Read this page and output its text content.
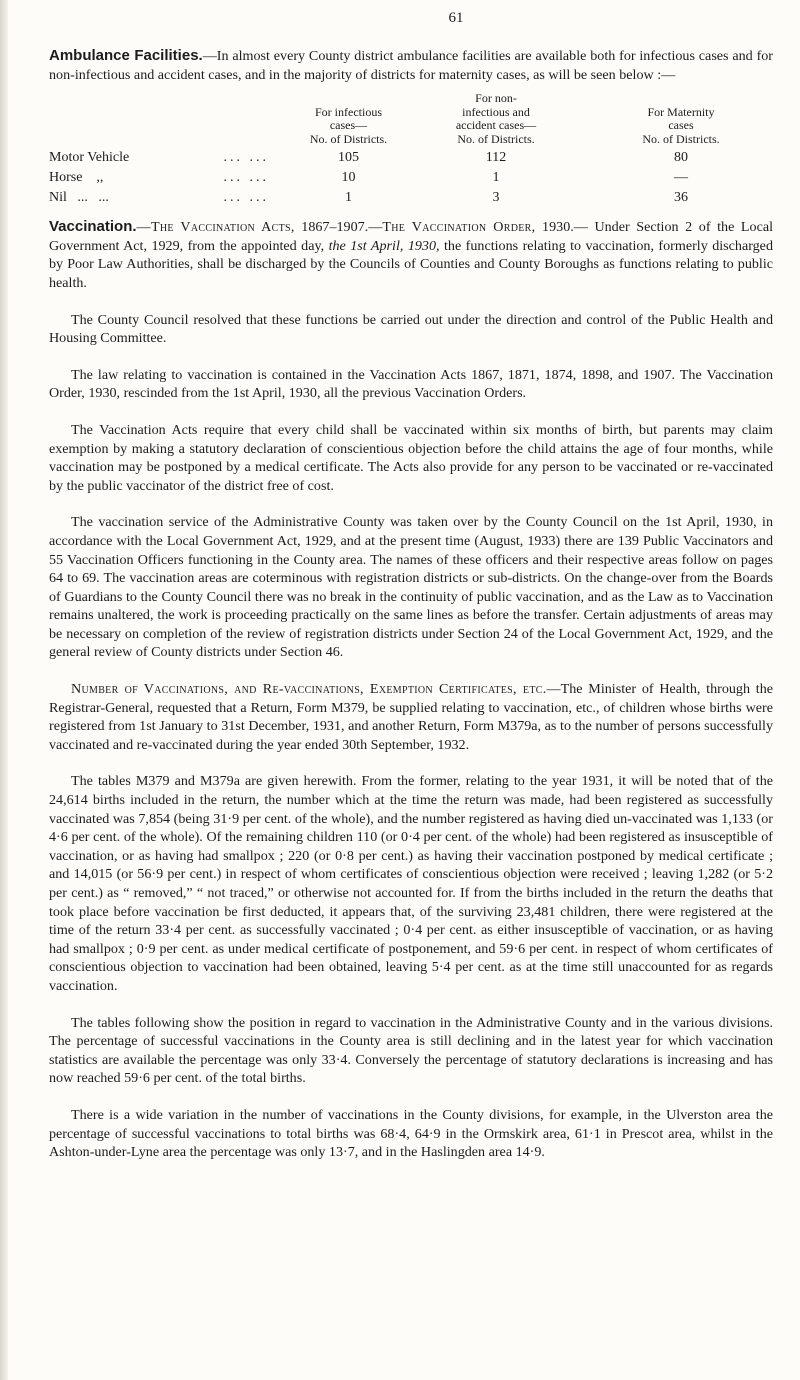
61

Ambulance Facilities.—In almost every County district ambulance facilities are available both for infectious cases and for non-infectious and accident cases, and in the majority of districts for maternity cases, as will be seen below :—

For infectious
cases—
No. of Districts.
For non-
infectious and
accident cases—
No. of Districts.
For Maternity
cases
No. of Districts.
Motor Vehicle	... ...	105	112	80
Horse    ,,	... ...	10	1	—
Nil   ...   ...	... ...	1	3	36

Vaccination.—The Vaccination Acts, 1867–1907.—The Vaccination Order, 1930.— Under Section 2 of the Local Government Act, 1929, from the appointed day, the 1st April, 1930, the functions relating to vaccination, formerly discharged by Poor Law Authorities, shall be discharged by the Councils of Counties and County Boroughs as functions relating to public health.

The County Council resolved that these functions be carried out under the direction and control of the Public Health and Housing Committee.

The law relating to vaccination is contained in the Vaccination Acts 1867, 1871, 1874, 1898, and 1907. The Vaccination Order, 1930, rescinded from the 1st April, 1930, all the previous Vaccination Orders.

The Vaccination Acts require that every child shall be vaccinated within six months of birth, but parents may claim exemption by making a statutory declaration of conscientious objection before the child attains the age of four months, while vaccination may be postponed by a medical certificate. The Acts also provide for any person to be vaccinated or re-vaccinated by the public vaccinator of the district free of cost.

The vaccination service of the Administrative County was taken over by the County Council on the 1st April, 1930, in accordance with the Local Government Act, 1929, and at the present time (August, 1933) there are 139 Public Vaccinators and 55 Vaccination Officers functioning in the County area. The names of these officers and their respective areas follow on pages 64 to 69. The vaccination areas are coterminous with registration districts or sub-districts. On the change-over from the Boards of Guardians to the County Council there was no break in the continuity of public vaccination, and as the Law as to Vaccination remains unaltered, the work is proceeding practically on the same lines as before the transfer. Certain adjustments of areas may be necessary on completion of the review of registration districts under Section 24 of the Local Government Act, 1929, and the general review of County districts under Section 46.

Number of Vaccinations, and Re-vaccinations, Exemption Certificates, etc.—The Minister of Health, through the Registrar-General, requested that a Return, Form M379, be supplied relating to vaccination, etc., of children whose births were registered from 1st January to 31st December, 1931, and another Return, Form M379a, as to the number of persons successfully vaccinated and re-vaccinated during the year ended 30th September, 1932.

The tables M379 and M379a are given herewith. From the former, relating to the year 1931, it will be noted that of the 24,614 births included in the return, the number which at the time the return was made, had been registered as successfully vaccinated was 7,854 (being 31·9 per cent. of the whole), and the number registered as having died un-vaccinated was 1,133 (or 4·6 per cent. of the whole). Of the remaining children 110 (or 0·4 per cent. of the whole) had been registered as insusceptible of vaccination, or as having had smallpox ; 220 (or 0·8 per cent.) as having their vaccination postponed by medical certificate ; and 14,015 (or 56·9 per cent.) in respect of whom certificates of conscientious objection were received ; leaving 1,282 (or 5·2 per cent.) as “ removed,” “ not traced,” or otherwise not accounted for. If from the births included in the return the deaths that took place before vaccination be first deducted, it appears that, of the surviving 23,481 children, there were registered at the time of the return 33·4 per cent. as successfully vaccinated ; 0·4 per cent. as either insusceptible of vaccination, or as having had smallpox ; 0·9 per cent. as under medical certificate of postponement, and 59·6 per cent. in respect of whom certificates of conscientious objection to vaccination had been obtained, leaving 5·4 per cent. as at the time still unaccounted for as regards vaccination.

The tables following show the position in regard to vaccination in the Administrative County and in the various divisions. The percentage of successful vaccinations in the County area is still declining and in the latest year for which vaccination statistics are available the percentage was only 33·4. Conversely the percentage of statutory declarations is increasing and has now reached 59·6 per cent. of the total births.

There is a wide variation in the number of vaccinations in the County divisions, for example, in the Ulverston area the percentage of successful vaccinations to total births was 68·4, 64·9 in the Ormskirk area, 61·1 in Prescot area, whilst in the Ashton-under-Lyne area the percentage was only 13·7, and in the Haslingden area 14·9.
